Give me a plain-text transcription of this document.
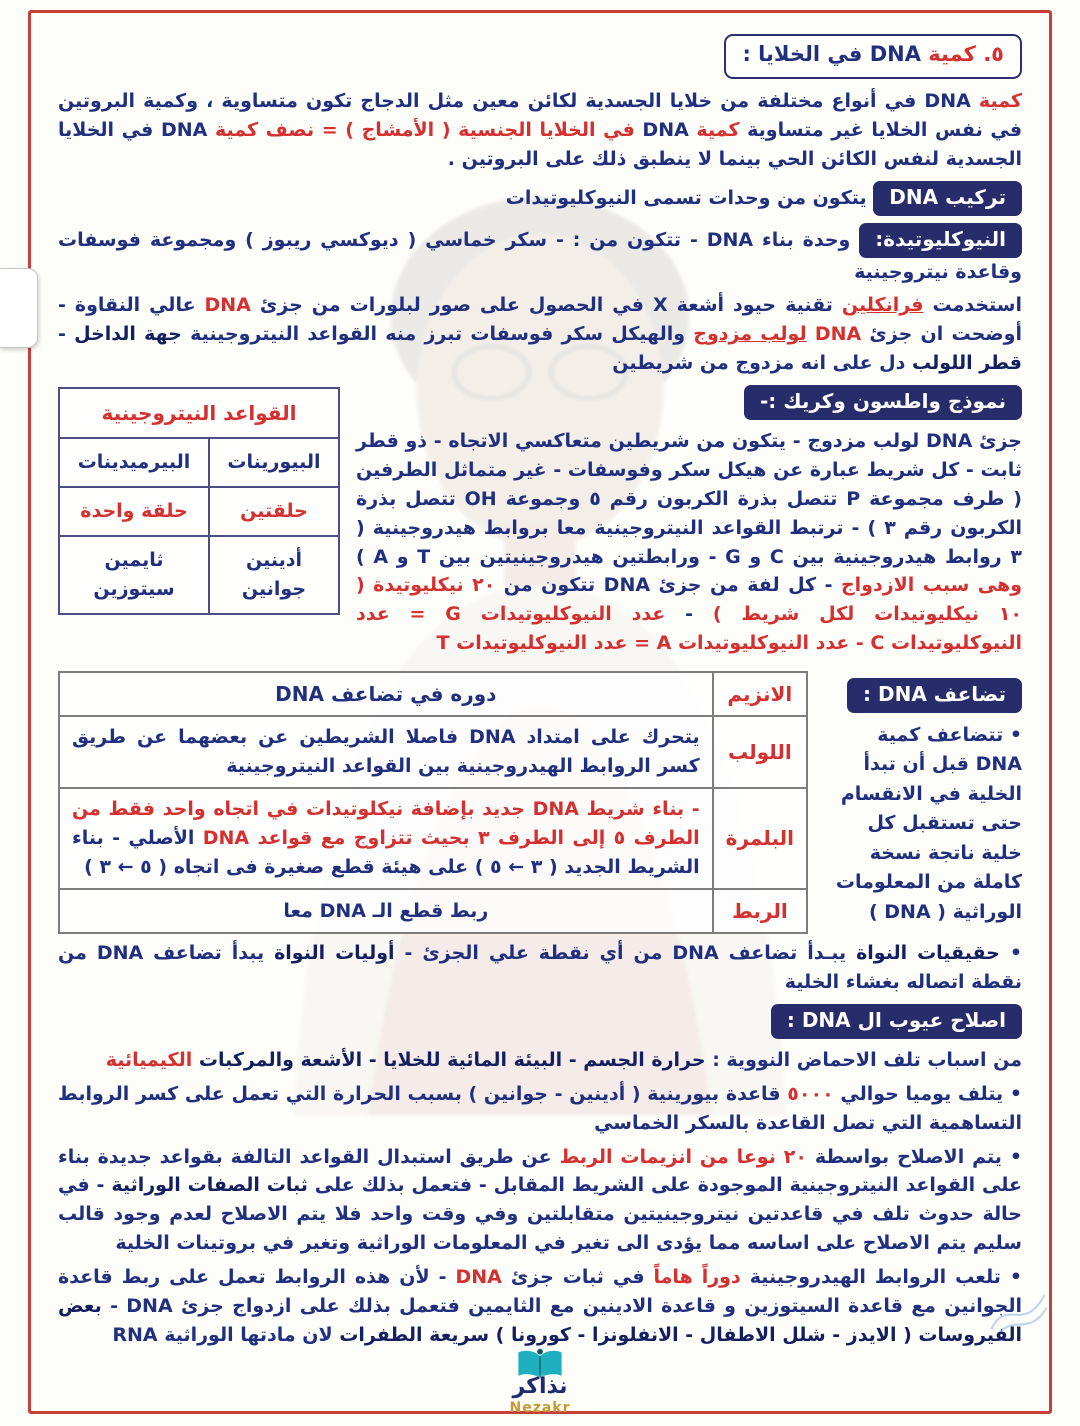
٥. كمية DNA في الخلايا :

كمية DNA في أنواع مختلفة من خلايا الجسدية لكائن معين مثل الدجاج تكون متساوية ، وكمية البروتين في نفس الخلايا غير متساوية كمية DNA في الخلايا الجنسية ( الأمشاج ) = نصف كمية DNA في الخلايا الجسدية لنفس الكائن الحي بينما لا ينطبق ذلك على البروتين .

تركيب DNA يتكون من وحدات تسمى النيوكليوتيدات

النيوكليوتيدة: وحدة بناء DNA - تتكون من : - سكر خماسي ( ديوكسي ريبوز ) ومجموعة فوسفات وقاعدة نيتروجينية

استخدمت فرانكلين تقنية حيود أشعة X في الحصول على صور لبلورات من جزئ DNA عالي النقاوة - أوضحت ان جزئ DNA لولب مزدوج والهيكل سكر فوسفات تبرز منه القواعد النيتروجينية جهة الداخل - قطر اللولب دل على انه مزدوج من شريطين

القواعد النيتروجينية	
البيورينات	البيرميدينات
حلقتين	حلقة واحدة
أدينين جوانين	ثايمين سيتوزين

نموذج واطسون وكريك :-

جزئ DNA لولب مزدوج - يتكون من شريطين متعاكسي الاتجاه - ذو قطر ثابت - كل شريط عبارة عن هيكل سكر وفوسفات - غير متماثل الطرفين ( طرف مجموعة P تتصل بذرة الكربون رقم ٥ وجموعة OH تتصل بذرة الكربون رقم ٣ ) - ترتبط القواعد النيتروجينية معا بروابط هيدروجينية ( ٣ روابط هيدروجينية بين C و G - ورابطتين هيدروجينيتين بين T و A ) وهى سبب الازدواج - كل لفة من جزئ DNA تتكون من ٢٠ نيكليوتيدة ( ١٠ نيكليوتيدات لكل شريط ) - عدد النيوكليوتيدات G = عدد النيوكليوتيدات C - عدد النيوكليوتيدات A = عدد النيوكليوتيدات T

تضاعف DNA :
• تتضاعف كمية DNA قبل أن تبدأ الخلية في الانقسام حتى تستقبل كل خلية ناتجة نسخة كاملة من المعلومات الوراثية ( DNA )
الانزيم	دوره في تضاعف DNA
اللولب	يتحرك على امتداد DNA فاصلا الشريطين عن بعضهما عن طريق كسر الروابط الهيدروجينية بين القواعد النيتروجينية
البلمرة	- بناء شريط DNA جديد بإضافة نيكلوتيدات في اتجاه واحد فقط من الطرف ٥ إلى الطرف ٣ بحيث تتزاوج مع قواعد DNA الأصلي - بناء الشريط الجديد ( ٣ ← ٥ ) على هيئة قطع صغيرة فى اتجاه ( ٥ ← ٣ )
الربط	ربط قطع الـ DNA معا

• حقيقيات النواة يبـدأ تضاعف DNA من أي نقطة علي الجزئ - أوليات النواة يبدأ تضاعف DNA من نقطة اتصاله بغشاء الخلية

اصلاح عيوب ال DNA :

من اسباب تلف الاحماض النووية : حرارة الجسم - البيئة المائية للخلايا - الأشعة والمركبات الكيميائية

• يتلف يوميا حوالي ٥٠٠٠ قاعدة بيورينية ( أدينين - جوانين ) بسبب الحرارة التي تعمل على كسر الروابط التساهمية التي تصل القاعدة بالسكر الخماسي

• يتم الاصلاح بواسطة ٢٠ نوعا من انزيمات الربط عن طريق استبدال القواعد التالفة بقواعد جديدة بناء على القواعد النيتروجينية الموجودة على الشريط المقابل - فتعمل بذلك على ثبات الصفات الوراثية - في حالة حدوث تلف في قاعدتين نيتروجينيتين متقابلتين وفي وقت واحد فلا يتم الاصلاح لعدم وجود قالب سليم يتم الاصلاح على اساسه مما يؤدى الى تغير في المعلومات الوراثية وتغير في بروتينات الخلية

• تلعب الروابط الهيدروجينية دوراً هاماً في ثبات جزئ DNA - لأن هذه الروابط تعمل على ربط قاعدة الجوانين مع قاعدة السيتوزين و قاعدة الادينين مع الثايمين فتعمل بذلك على ازدواج جزئ DNA - بعض الفيروسات ( الايدز - شلل الاطفال - الانفلونزا - كورونا ) سريعة الطفرات لان مادتها الوراثية RNA

نذاكر
Nezakr
